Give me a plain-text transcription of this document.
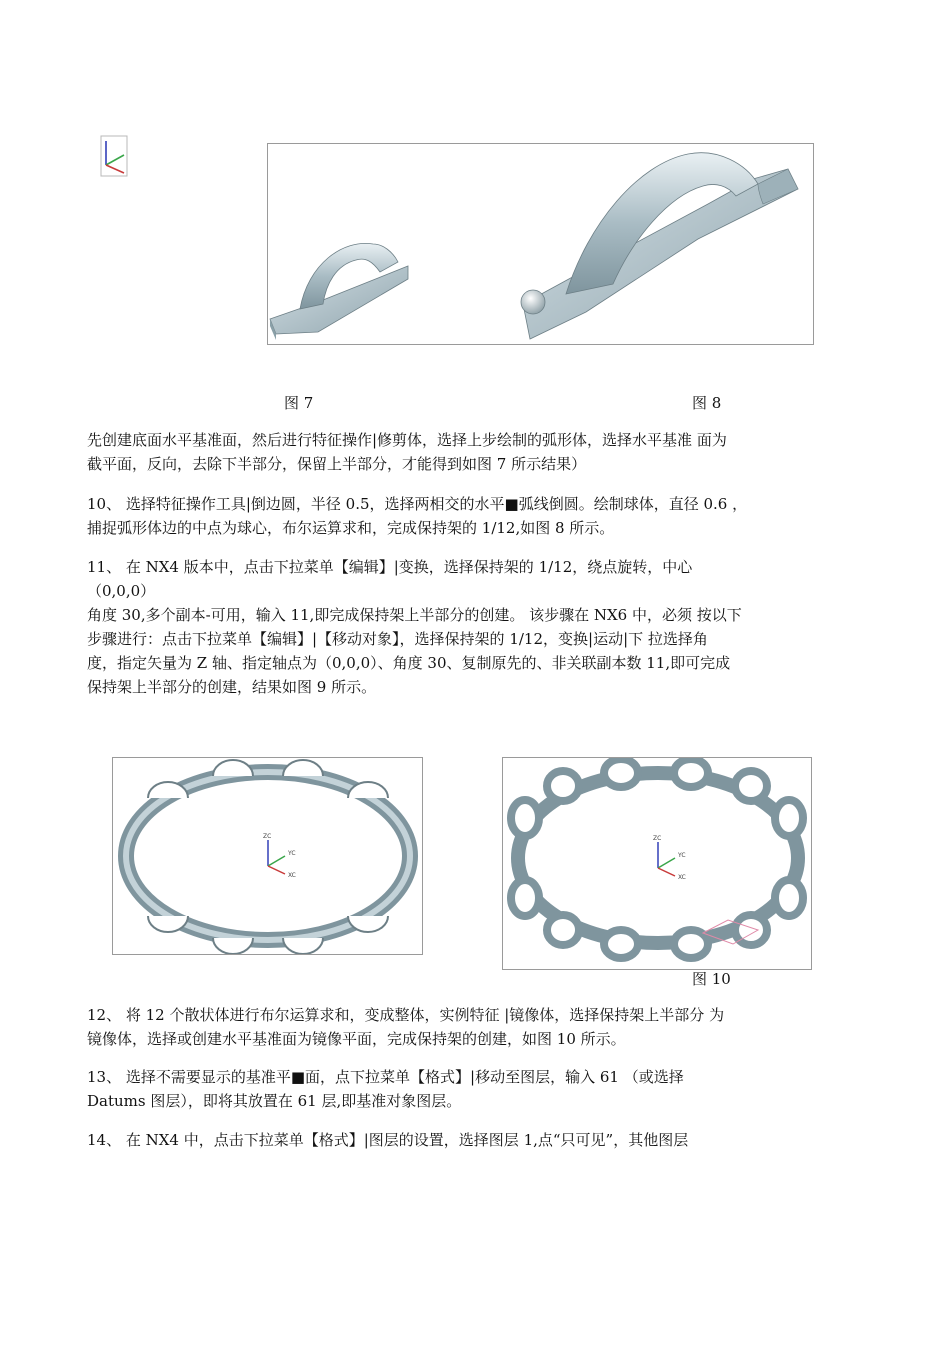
图 7	图 8

先创建底面水平基准面，然后进行特征操作|修剪体，选择上步绘制的弧形体，选择水平基准 面为

截平面，反向，去除下半部分，保留上半部分，才能得到如图 7 所示结果）

10、 选择特征操作工具|倒边圆，半径 0.5，选择两相交的水平■弧线倒圆。绘制球体，直径 0.6 ，

捕捉弧形体边的中点为球心，布尔运算求和，完成保持架的 1/12,如图 8 所示。

11、 在 NX4 版本中，点击下拉菜单【编辑】|变换，选择保持架的 1/12，绕点旋转，中心

（0,0,0）

角度 30,多个副本-可用，输入 11,即完成保持架上半部分的创建。 该步骤在 NX6 中，必须 按以下

步骤进行：点击下拉菜单【编辑】|【移动对象】，选择保持架的 1/12，变换|运动|下 拉选择角

度，指定矢量为 Z 轴、指定轴点为（0,0,0）、角度 30、复制原先的、非关联副本数 11,即可完成

保持架上半部分的创建，结果如图 9 所示。

ZC
YC
XC
ZC
YC
XC
图 10

12、 将 12 个散状体进行布尔运算求和，变成整体，实例特征 |镜像体，选择保持架上半部分 为

镜像体，选择或创建水平基准面为镜像平面，完成保持架的创建，如图 10 所示。

13、 选择不需要显示的基准平■面，点下拉菜单【格式】|移动至图层，输入 61 （或选择

Datums 图层），即将其放置在 61 层,即基准对象图层。

14、 在 NX4 中，点击下拉菜单【格式】|图层的设置，选择图层 1,点“只可见”，其他图层
